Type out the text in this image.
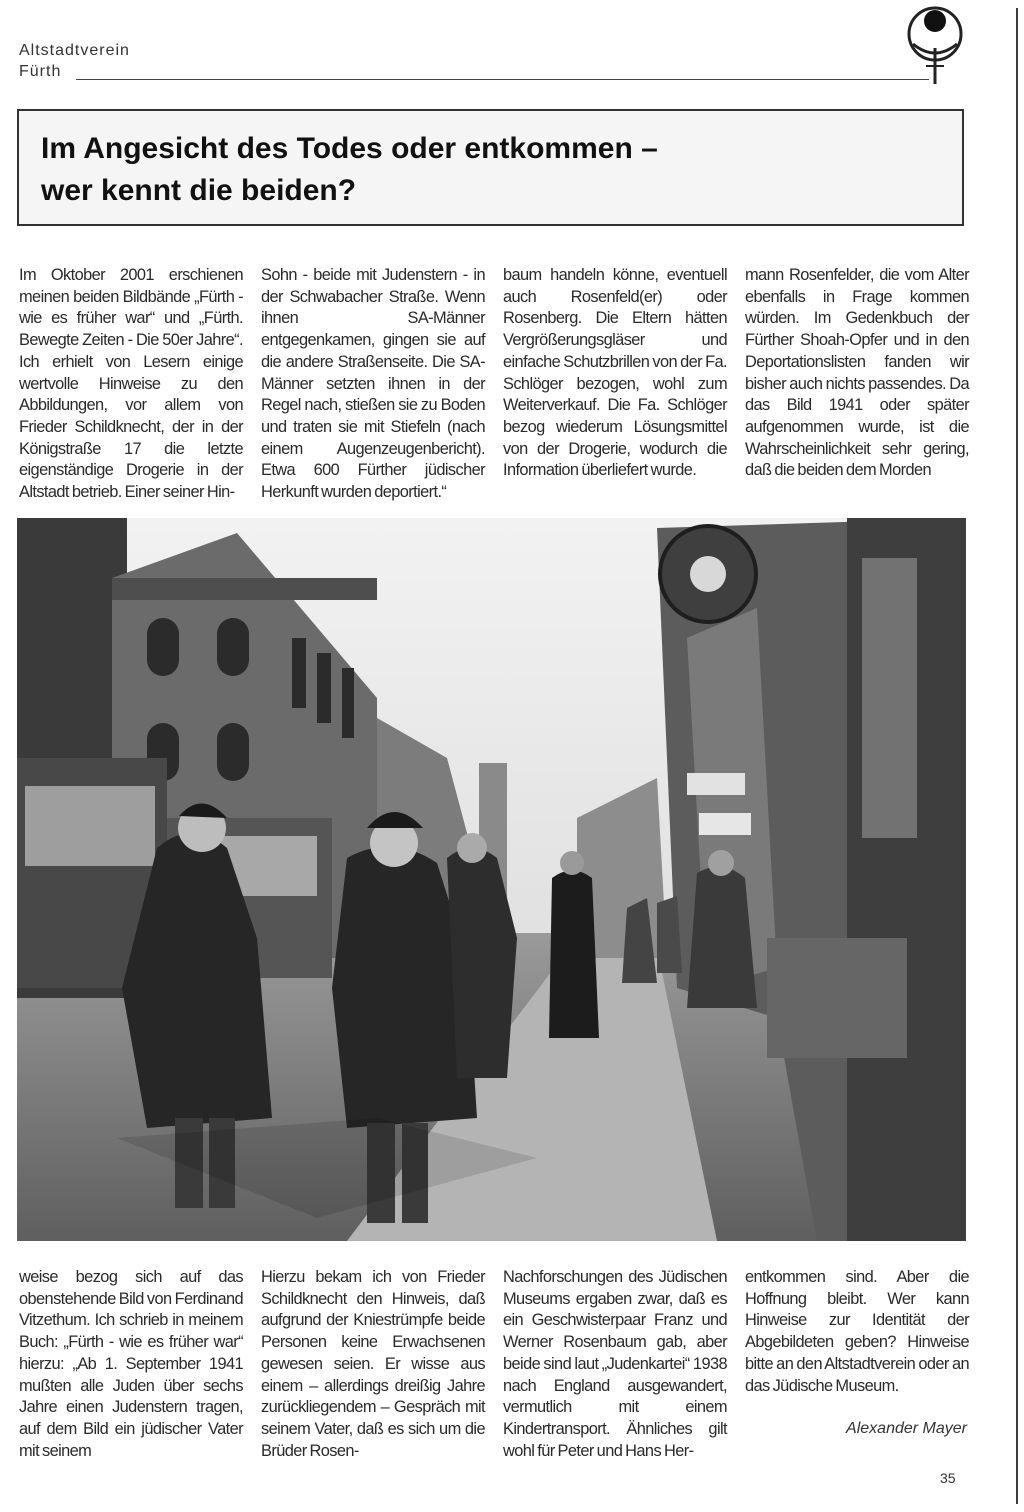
Altstadtverein
Fürth
Im Angesicht des Todes oder entkommen –
wer kennt die beiden?
Im Oktober 2001 erschienen meinen beiden Bildbände „Fürth - wie es früher war“ und „Fürth. Bewegte Zeiten - Die 50er Jahre“. Ich erhielt von Lesern einige wertvolle Hinweise zu den Abbildungen, vor allem von Frieder Schildknecht, der in der Königstraße 17 die letzte eigenständige Drogerie in der Altstadt betrieb. Einer seiner Hin-
Sohn - beide mit Judenstern - in der Schwabacher Straße. Wenn ihnen SA-Männer entgegenkamen, gingen sie auf die andere Straßenseite. Die SA-Männer setzten ihnen in der Regel nach, stießen sie zu Boden und traten sie mit Stiefeln (nach einem Augenzeugenbericht). Etwa 600 Fürther jüdischer Herkunft wurden deportiert.“
baum handeln könne, eventuell auch Rosenfeld(er) oder Rosenberg. Die Eltern hätten Vergrößerungsgläser und einfache Schutzbrillen von der Fa. Schlöger bezogen, wohl zum Weiterverkauf. Die Fa. Schlöger bezog wiederum Lösungsmittel von der Drogerie, wodurch die Information überliefert wurde.
mann Rosenfelder, die vom Alter ebenfalls in Frage kommen würden. Im Gedenkbuch der Fürther Shoah-Opfer und in den Deportationslisten fanden wir bisher auch nichts passendes. Da das Bild 1941 oder später aufgenommen wurde, ist die Wahrscheinlichkeit sehr gering, daß die beiden dem Morden
weise bezog sich auf das obenstehende Bild von Ferdinand Vitzethum. Ich schrieb in meinem Buch: „Fürth - wie es früher war“ hierzu: „Ab 1. September 1941 mußten alle Juden über sechs Jahre einen Judenstern tragen, auf dem Bild ein jüdischer Vater mit seinem
Hierzu bekam ich von Frieder Schildknecht den Hinweis, daß aufgrund der Kniestrümpfe beide Personen keine Erwachsenen gewesen seien. Er wisse aus einem – allerdings dreißig Jahre zurückliegendem – Gespräch mit seinem Vater, daß es sich um die Brüder Rosen-
Nachforschungen des Jüdischen Museums ergaben zwar, daß es ein Geschwisterpaar Franz und Werner Rosenbaum gab, aber beide sind laut „Judenkartei“ 1938 nach England ausgewandert, vermutlich mit einem Kindertransport. Ähnliches gilt wohl für Peter und Hans Her-
entkommen sind. Aber die Hoffnung bleibt. Wer kann Hinweise zur Identität der Abgebildeten geben? Hinweise bitte an den Altstadtverein oder an das Jüdische Museum.
Alexander Mayer
35
